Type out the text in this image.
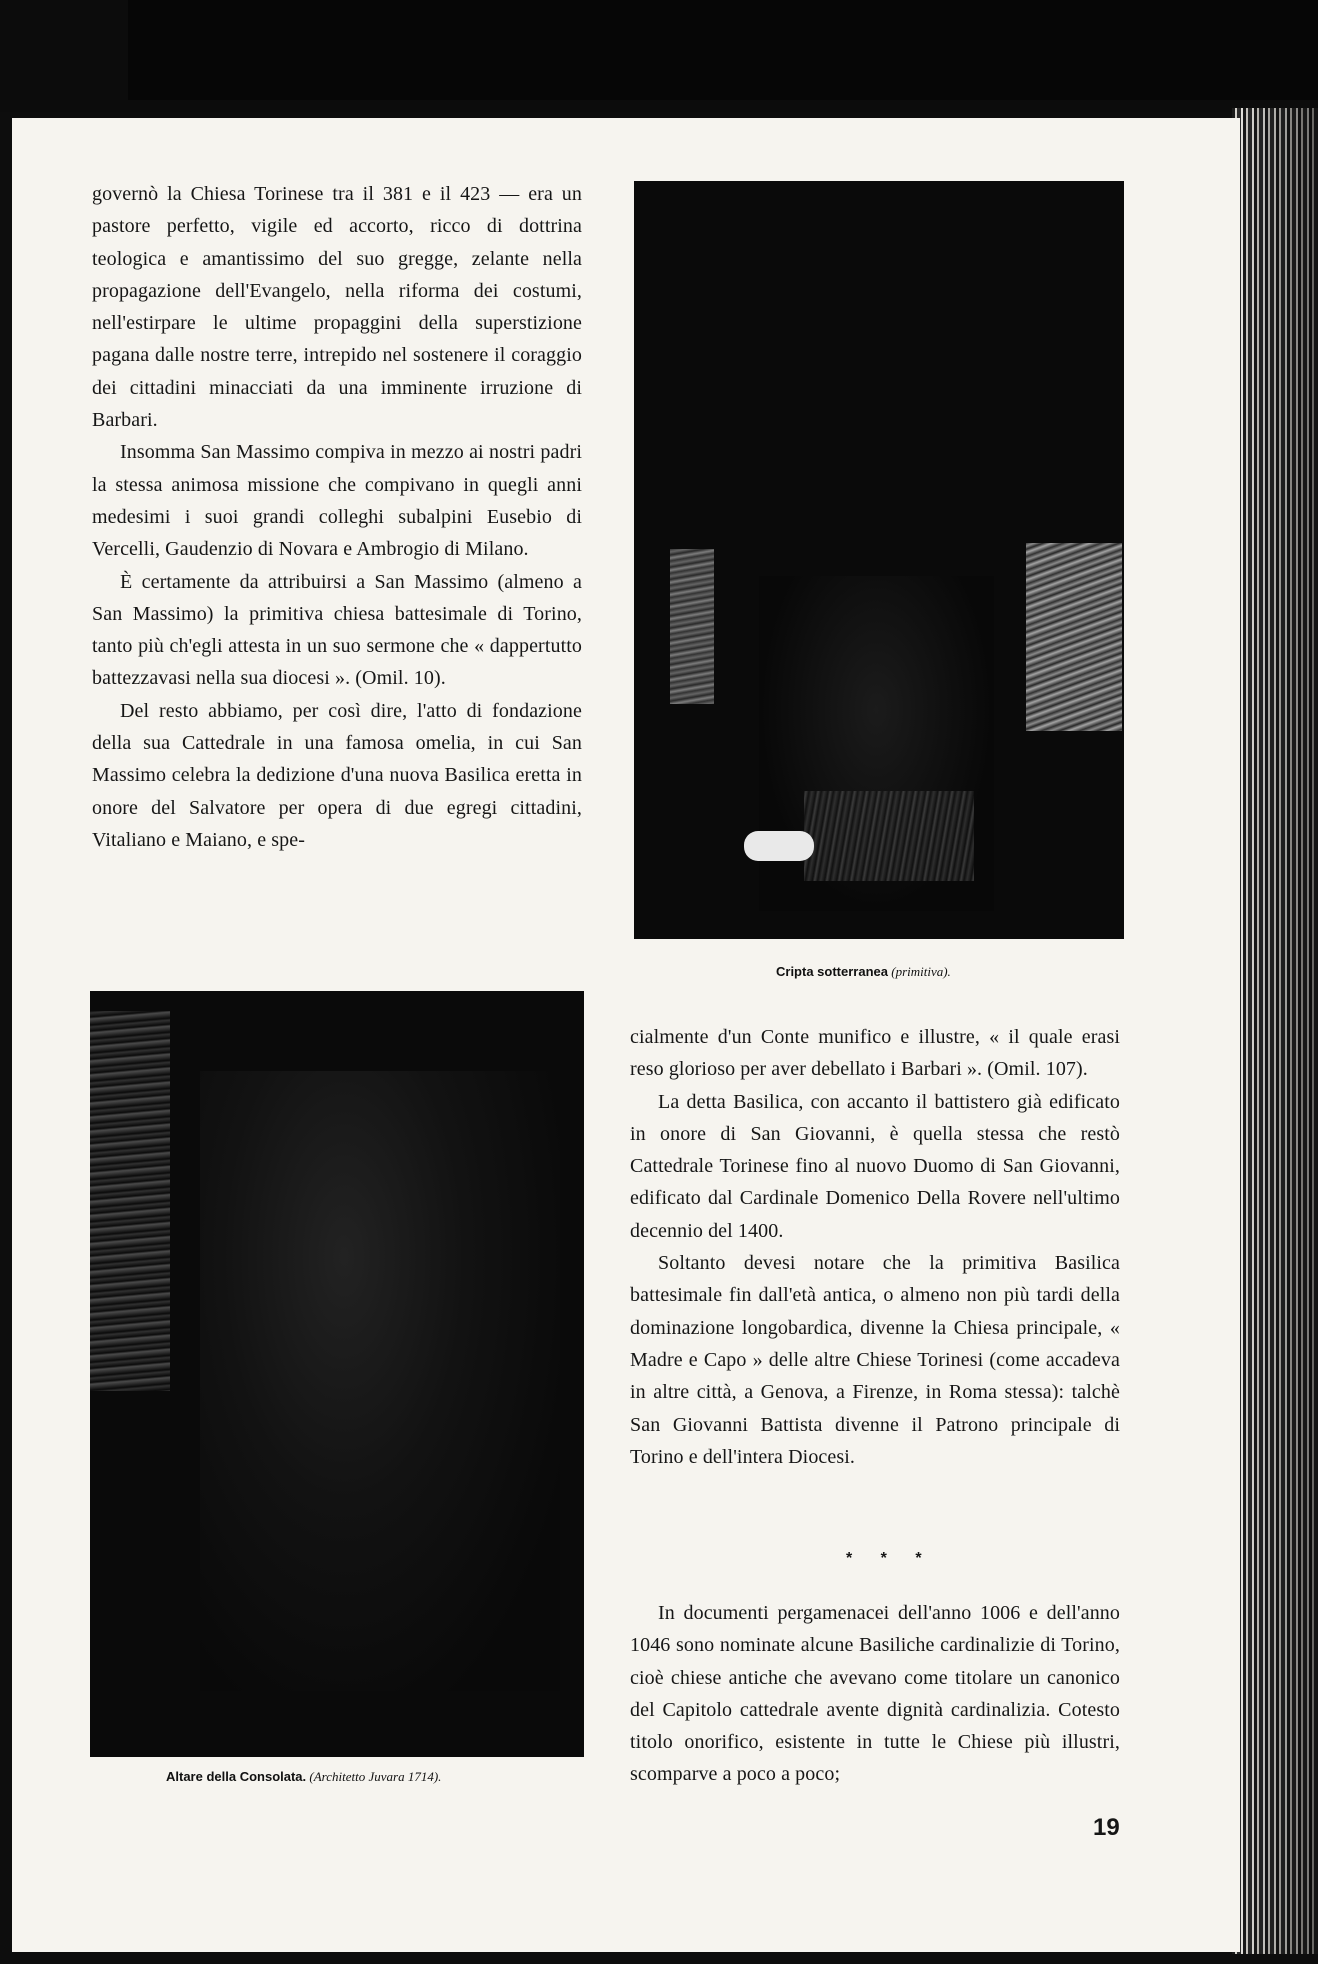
governò la Chiesa Torinese tra il 381 e il 423 — era un pastore perfetto, vigile ed accorto, ricco di dottrina teologica e amantissimo del suo gregge, zelante nella propagazione dell'Evangelo, nella riforma dei costumi, nell'estirpare le ultime propaggini della superstizione pagana dalle nostre terre, intrepido nel sostenere il coraggio dei cittadini minacciati da una imminente irruzione di Barbari.

Insomma San Massimo compiva in mezzo ai nostri padri la stessa animosa missione che compivano in quegli anni medesimi i suoi grandi colleghi subalpini Eusebio di Vercelli, Gaudenzio di Novara e Ambrogio di Milano.

È certamente da attribuirsi a San Massimo (almeno a San Massimo) la primitiva chiesa battesimale di Torino, tanto più ch'egli attesta in un suo sermone che « dappertutto battezzavasi nella sua diocesi ». (Omil. 10).

Del resto abbiamo, per così dire, l'atto di fondazione della sua Cattedrale in una famosa omelia, in cui San Massimo celebra la dedizione d'una nuova Basilica eretta in onore del Salvatore per opera di due egregi cittadini, Vitaliano e Maiano, e spe-

Cripta sotterranea (primitiva).
Altare della Consolata. (Architetto Juvara 1714).

cialmente d'un Conte munifico e illustre, « il quale erasi reso glorioso per aver debellato i Barbari ». (Omil. 107).

La detta Basilica, con accanto il battistero già edificato in onore di San Giovanni, è quella stessa che restò Cattedrale Torinese fino al nuovo Duomo di San Giovanni, edificato dal Cardinale Domenico Della Rovere nell'ultimo decennio del 1400.

Soltanto devesi notare che la primitiva Basilica battesimale fin dall'età antica, o almeno non più tardi della dominazione longobardica, divenne la Chiesa principale, « Madre e Capo » delle altre Chiese Torinesi (come accadeva in altre città, a Genova, a Firenze, in Roma stessa): talchè San Giovanni Battista divenne il Patrono principale di Torino e dell'intera Diocesi.

* * *

In documenti pergamenacei dell'anno 1006 e dell'anno 1046 sono nominate alcune Basiliche cardinalizie di Torino, cioè chiese antiche che avevano come titolare un canonico del Capitolo cattedrale avente dignità cardinalizia. Cotesto titolo onorifico, esistente in tutte le Chiese più illustri, scomparve a poco a poco;

19
